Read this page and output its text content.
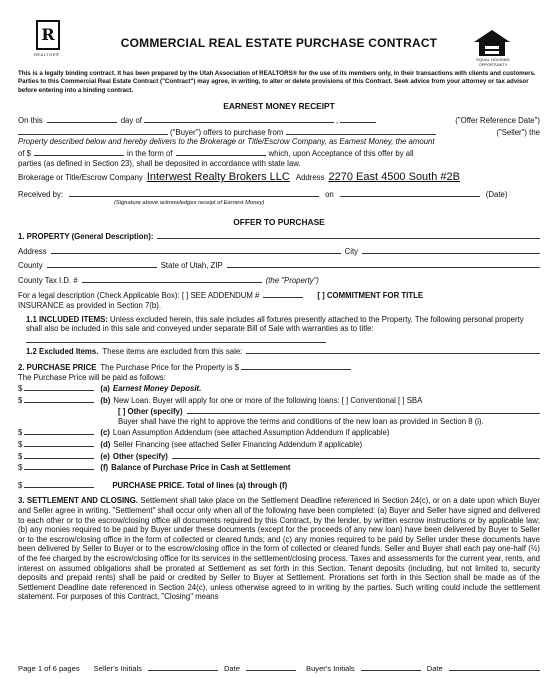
R
REALTOR®
COMMERCIAL REAL ESTATE PURCHASE CONTRACT
EQUAL HOUSING OPPORTUNITY
This is a legally binding contract. It has been prepared by the Utah Association of REALTORS® for the use of its members only, in their transactions with clients and customers. Parties to this Commercial Real Estate Contract ("Contract") may agree, in writing, to alter or delete provisions of this Contract. Seek advice from your attorney or tax advisor before entering into a binding contract.
EARNEST MONEY RECEIPT

On this	day of	,	("Offer Reference Date")

("Buyer") offers to purchase from	("Seller") the

Property described below and hereby delivers to the Brokerage or Title/Escrow Company, as Earnest Money, the amount

of $	in the form of	which, upon Acceptance of this offer by all

parties (as defined in Section 23), shall be deposited in accordance with state law.

Brokerage or Title/Escrow Company Interwest Realty Brokers LLC Address 2270 East 4500 South #2B

Received by:	on	(Date)

(Signature above acknowledges receipt of Earnest Money)

OFFER TO PURCHASE

1. PROPERTY (General Description):

Address	City

County	State of Utah, ZIP

County Tax I.D. #	(the "Property")

For a legal description (Check Applicable Box): [ ] SEE ADDENDUM #	[ ] COMMITMENT FOR TITLE

INSURANCE as provided in Section 7(b).

1.1 INCLUDED ITEMS: Unless excluded herein, this sale includes all fixtures presently attached to the Property. The following personal property shall also be included in this sale and conveyed under separate Bill of Sale with warranties as to title:

1.2 Excluded Items. These items are excluded from this sale:

2. PURCHASE PRICE The Purchase Price for the Property is $

The Purchase Price will be paid as follows:

$	(a) Earnest Money Deposit.

$	(b) New Loan. Buyer will apply for one or more of the following loans: [ ] Conventional [ ] SBA

[ ] Other (specify)

Buyer shall have the right to approve the terms and conditions of the new loan as provided in Section 8 (i).

$	(c) Loan Assumption Addendum (see attached Assumption Addendum if applicable)

$	(d) Seller Financing (see attached Seller Financing Addendum if applicable)

$	(e) Other (specify)

$	(f) Balance of Purchase Price in Cash at Settlement

$	PURCHASE PRICE. Total of lines (a) through (f)

3. SETTLEMENT AND CLOSING. Settlement shall take place on the Settlement Deadline referenced in Section 24(c), or on a date upon which Buyer and Seller agree in writing. "Settlement" shall occur only when all of the following have been completed: (a) Buyer and Seller have signed and delivered to each other or to the escrow/closing office all documents required by this Contract, by the lender, by written escrow instructions or by applicable law; (b) any monies required to be paid by Buyer under these documents (except for the proceeds of any new loan) have been delivered by Buyer to Seller or to the escrow/closing office in the form of collected or cleared funds; and (c) any monies required to be paid by Seller under these documents have been delivered by Seller to Buyer or to the escrow/closing office in the form of collected or cleared funds. Seller and Buyer shall each pay one-half (½) of the fee charged by the escrow/closing office for its services in the settlement/closing process. Taxes and assessments for the current year, rents, and interest on assumed obligations shall be prorated at Settlement as set forth in this Section. Tenant deposits (including, but not limited to, security deposits and prepaid rents) shall be paid or credited by Seller to Buyer at Settlement. Prorations set forth in this Section shall be made as of the Settlement Deadline date referenced in Section 24(c), unless otherwise agreed to in writing by the parties. Such writing could include the settlement statement. For purposes of this Contract, "Closing" means

Page 1 of 6 pages Seller's Initials	Date	Buyer's Initials	Date
